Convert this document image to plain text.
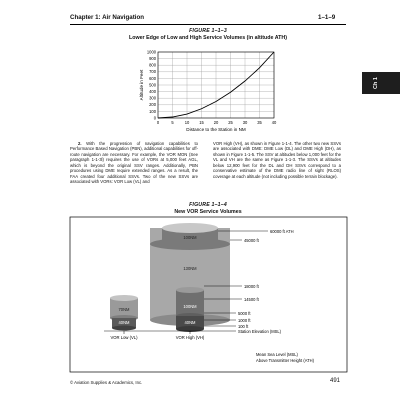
Chapter 1: Air Navigation	1–1–9
Ch 1
FIGURE 1–1–3
Lower Edge of Low and High Service Volumes (in altitude ATH)
0
100
200
300
400
500
600
700
800
900
1000
0	5	10 15 20 25 30 35 40
Altitude in Feet
Distance to the Station in NM

2. With the progression of navigation capabilities to Performance Based Navigation (PBN), additional capabilities for off-route navigation are necessary. For example, the VOR MON (See paragraph 1-1-3l) requires the use of VORs at 5,000 feet AGL, which is beyond the original SSV ranges. Additionally, PBN procedures using DME require extended ranges. As a result, the FAA created four additional SSVs. Two of the new SSVs are associated with VORs: VOR Low (VL) and

VOR High (VH), as shown in Figure 1-1-4. The other two new SSVs are associated with DME: DME Low (DL) and DME High (DH), as shown in Figure 1-1-5. The SSV at altitudes below 1,000 feet for the VL and VH are the same as Figure 1-1-3. The SSVs at altitudes below 12,900 feet for the DL and DH SSVs correspond to a conservative estimate of the DME radio line of sight (RLOS) coverage at each altitude (not including possible terrain blockage).

FIGURE 1–1–4
New VOR Service Volumes
60000 ft ATH
45000 ft
18000 ft
14500 ft
5000 ft
1000 ft
100 ft
Station Elevation (MSL)
100NM
130NM
100NM
40NM
70NM
40NM
VOR Low (VL)	VOR High (VH)
Mean Sea Level (MSL)
Above Transmitter Height (ATH)
© Aviation Supplies & Academics, Inc.	491
